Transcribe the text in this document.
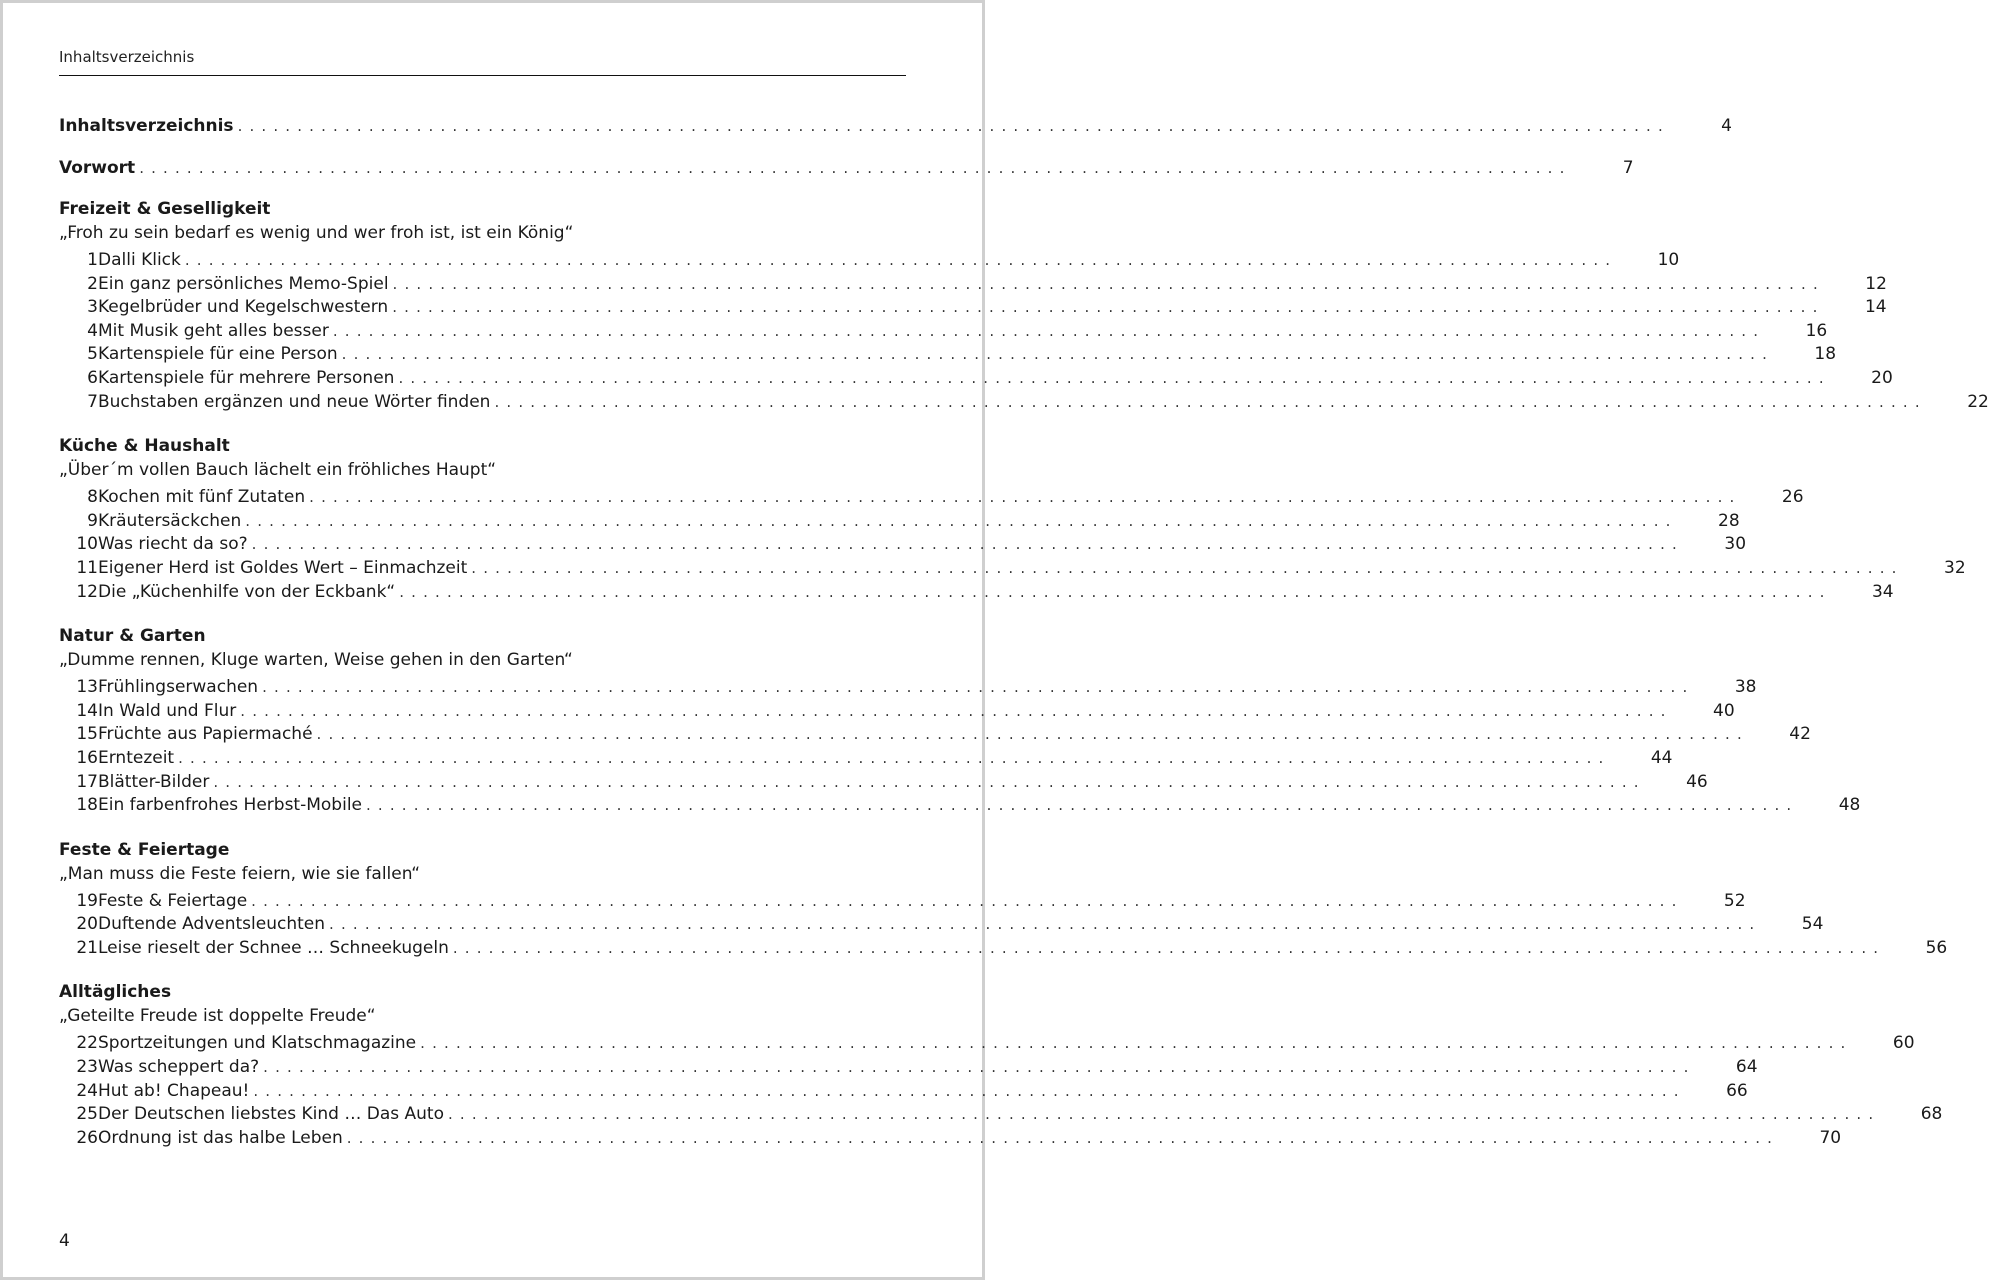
Inhaltsverzeichnis
Inhaltsverzeichnis . . . . . . . . . . . . . . . . . . . . . . . . . . . . . . . . . . . . . . . . . . . . . . . . . . . . . . . . . . . . . . . . . . . . . . . . . . . . . . . . . . . . . . . . . . . . . . . . . . . . . . . . . . . . . . . . . . . . . . . .	4
Vorwort . . . . . . . . . . . . . . . . . . . . . . . . . . . . . . . . . . . . . . . . . . . . . . . . . . . . . . . . . . . . . . . . . . . . . . . . . . . . . . . . . . . . . . . . . . . . . . . . . . . . . . . . . . . . . . . . . . . . . . . .	7
Freizeit & Geselligkeit
„Froh zu sein bedarf es wenig und wer froh ist, ist ein König“
1 Dalli Klick . . . . . . . . . . . . . . . . . . . . . . . . . . . . . . . . . . . . . . . . . . . . . . . . . . . . . . . . . . . . . . . . . . . . . . . . . . . . . . . . . . . . . . . . . . . . . . . . . . . . . . . . . . . . . . . . . . . . . . . .	10
2 Ein ganz persönliches Memo-Spiel . . . . . . . . . . . . . . . . . . . . . . . . . . . . . . . . . . . . . . . . . . . . . . . . . . . . . . . . . . . . . . . . . . . . . . . . . . . . . . . . . . . . . . . . . . . . . . . . . . . . . . . . . . . . . . . . . . . . . . . .	12
3 Kegelbrüder und Kegelschwestern . . . . . . . . . . . . . . . . . . . . . . . . . . . . . . . . . . . . . . . . . . . . . . . . . . . . . . . . . . . . . . . . . . . . . . . . . . . . . . . . . . . . . . . . . . . . . . . . . . . . . . . . . . . . . . . . . . . . . . . .	14
4 Mit Musik geht alles besser . . . . . . . . . . . . . . . . . . . . . . . . . . . . . . . . . . . . . . . . . . . . . . . . . . . . . . . . . . . . . . . . . . . . . . . . . . . . . . . . . . . . . . . . . . . . . . . . . . . . . . . . . . . . . . . . . . . . . . . .	16
5 Kartenspiele für eine Person . . . . . . . . . . . . . . . . . . . . . . . . . . . . . . . . . . . . . . . . . . . . . . . . . . . . . . . . . . . . . . . . . . . . . . . . . . . . . . . . . . . . . . . . . . . . . . . . . . . . . . . . . . . . . . . . . . . . . . . .	18
6 Kartenspiele für mehrere Personen . . . . . . . . . . . . . . . . . . . . . . . . . . . . . . . . . . . . . . . . . . . . . . . . . . . . . . . . . . . . . . . . . . . . . . . . . . . . . . . . . . . . . . . . . . . . . . . . . . . . . . . . . . . . . . . . . . . . . . . .	20
7 Buchstaben ergänzen und neue Wörter finden . . . . . . . . . . . . . . . . . . . . . . . . . . . . . . . . . . . . . . . . . . . . . . . . . . . . . . . . . . . . . . . . . . . . . . . . . . . . . . . . . . . . . . . . . . . . . . . . . . . . . . . . . . . . . . . . . . . . . . . .	22
Küche & Haushalt
„Über´m vollen Bauch lächelt ein fröhliches Haupt“
8 Kochen mit fünf Zutaten . . . . . . . . . . . . . . . . . . . . . . . . . . . . . . . . . . . . . . . . . . . . . . . . . . . . . . . . . . . . . . . . . . . . . . . . . . . . . . . . . . . . . . . . . . . . . . . . . . . . . . . . . . . . . . . . . . . . . . . .	26
9 Kräutersäckchen . . . . . . . . . . . . . . . . . . . . . . . . . . . . . . . . . . . . . . . . . . . . . . . . . . . . . . . . . . . . . . . . . . . . . . . . . . . . . . . . . . . . . . . . . . . . . . . . . . . . . . . . . . . . . . . . . . . . . . . .	28
10 Was riecht da so? . . . . . . . . . . . . . . . . . . . . . . . . . . . . . . . . . . . . . . . . . . . . . . . . . . . . . . . . . . . . . . . . . . . . . . . . . . . . . . . . . . . . . . . . . . . . . . . . . . . . . . . . . . . . . . . . . . . . . . . .	30
11 Eigener Herd ist Goldes Wert – Einmachzeit . . . . . . . . . . . . . . . . . . . . . . . . . . . . . . . . . . . . . . . . . . . . . . . . . . . . . . . . . . . . . . . . . . . . . . . . . . . . . . . . . . . . . . . . . . . . . . . . . . . . . . . . . . . . . . . . . . . . . . . .	32
12 Die „Küchenhilfe von der Eckbank“ . . . . . . . . . . . . . . . . . . . . . . . . . . . . . . . . . . . . . . . . . . . . . . . . . . . . . . . . . . . . . . . . . . . . . . . . . . . . . . . . . . . . . . . . . . . . . . . . . . . . . . . . . . . . . . . . . . . . . . . .	34
Natur & Garten
„Dumme rennen, Kluge warten, Weise gehen in den Garten“
13 Frühlingserwachen . . . . . . . . . . . . . . . . . . . . . . . . . . . . . . . . . . . . . . . . . . . . . . . . . . . . . . . . . . . . . . . . . . . . . . . . . . . . . . . . . . . . . . . . . . . . . . . . . . . . . . . . . . . . . . . . . . . . . . . .	38
14 In Wald und Flur . . . . . . . . . . . . . . . . . . . . . . . . . . . . . . . . . . . . . . . . . . . . . . . . . . . . . . . . . . . . . . . . . . . . . . . . . . . . . . . . . . . . . . . . . . . . . . . . . . . . . . . . . . . . . . . . . . . . . . . .	40
15 Früchte aus Papiermaché . . . . . . . . . . . . . . . . . . . . . . . . . . . . . . . . . . . . . . . . . . . . . . . . . . . . . . . . . . . . . . . . . . . . . . . . . . . . . . . . . . . . . . . . . . . . . . . . . . . . . . . . . . . . . . . . . . . . . . . .	42
16 Erntezeit . . . . . . . . . . . . . . . . . . . . . . . . . . . . . . . . . . . . . . . . . . . . . . . . . . . . . . . . . . . . . . . . . . . . . . . . . . . . . . . . . . . . . . . . . . . . . . . . . . . . . . . . . . . . . . . . . . . . . . . .	44
17 Blätter-Bilder . . . . . . . . . . . . . . . . . . . . . . . . . . . . . . . . . . . . . . . . . . . . . . . . . . . . . . . . . . . . . . . . . . . . . . . . . . . . . . . . . . . . . . . . . . . . . . . . . . . . . . . . . . . . . . . . . . . . . . . .	46
18 Ein farbenfrohes Herbst-Mobile . . . . . . . . . . . . . . . . . . . . . . . . . . . . . . . . . . . . . . . . . . . . . . . . . . . . . . . . . . . . . . . . . . . . . . . . . . . . . . . . . . . . . . . . . . . . . . . . . . . . . . . . . . . . . . . . . . . . . . . .	48
Feste & Feiertage
„Man muss die Feste feiern, wie sie fallen“
19 Feste & Feiertage . . . . . . . . . . . . . . . . . . . . . . . . . . . . . . . . . . . . . . . . . . . . . . . . . . . . . . . . . . . . . . . . . . . . . . . . . . . . . . . . . . . . . . . . . . . . . . . . . . . . . . . . . . . . . . . . . . . . . . . .	52
20 Duftende Adventsleuchten . . . . . . . . . . . . . . . . . . . . . . . . . . . . . . . . . . . . . . . . . . . . . . . . . . . . . . . . . . . . . . . . . . . . . . . . . . . . . . . . . . . . . . . . . . . . . . . . . . . . . . . . . . . . . . . . . . . . . . . .	54
21 Leise rieselt der Schnee … Schneekugeln . . . . . . . . . . . . . . . . . . . . . . . . . . . . . . . . . . . . . . . . . . . . . . . . . . . . . . . . . . . . . . . . . . . . . . . . . . . . . . . . . . . . . . . . . . . . . . . . . . . . . . . . . . . . . . . . . . . . . . . .	56
Alltägliches
„Geteilte Freude ist doppelte Freude“
22 Sportzeitungen und Klatschmagazine . . . . . . . . . . . . . . . . . . . . . . . . . . . . . . . . . . . . . . . . . . . . . . . . . . . . . . . . . . . . . . . . . . . . . . . . . . . . . . . . . . . . . . . . . . . . . . . . . . . . . . . . . . . . . . . . . . . . . . . .	60
23 Was scheppert da? . . . . . . . . . . . . . . . . . . . . . . . . . . . . . . . . . . . . . . . . . . . . . . . . . . . . . . . . . . . . . . . . . . . . . . . . . . . . . . . . . . . . . . . . . . . . . . . . . . . . . . . . . . . . . . . . . . . . . . . .	64
24 Hut ab! Chapeau! . . . . . . . . . . . . . . . . . . . . . . . . . . . . . . . . . . . . . . . . . . . . . . . . . . . . . . . . . . . . . . . . . . . . . . . . . . . . . . . . . . . . . . . . . . . . . . . . . . . . . . . . . . . . . . . . . . . . . . . .	66
25 Der Deutschen liebstes Kind … Das Auto . . . . . . . . . . . . . . . . . . . . . . . . . . . . . . . . . . . . . . . . . . . . . . . . . . . . . . . . . . . . . . . . . . . . . . . . . . . . . . . . . . . . . . . . . . . . . . . . . . . . . . . . . . . . . . . . . . . . . . . .	68
26 Ordnung ist das halbe Leben . . . . . . . . . . . . . . . . . . . . . . . . . . . . . . . . . . . . . . . . . . . . . . . . . . . . . . . . . . . . . . . . . . . . . . . . . . . . . . . . . . . . . . . . . . . . . . . . . . . . . . . . . . . . . . . . . . . . . . . .	70
4
